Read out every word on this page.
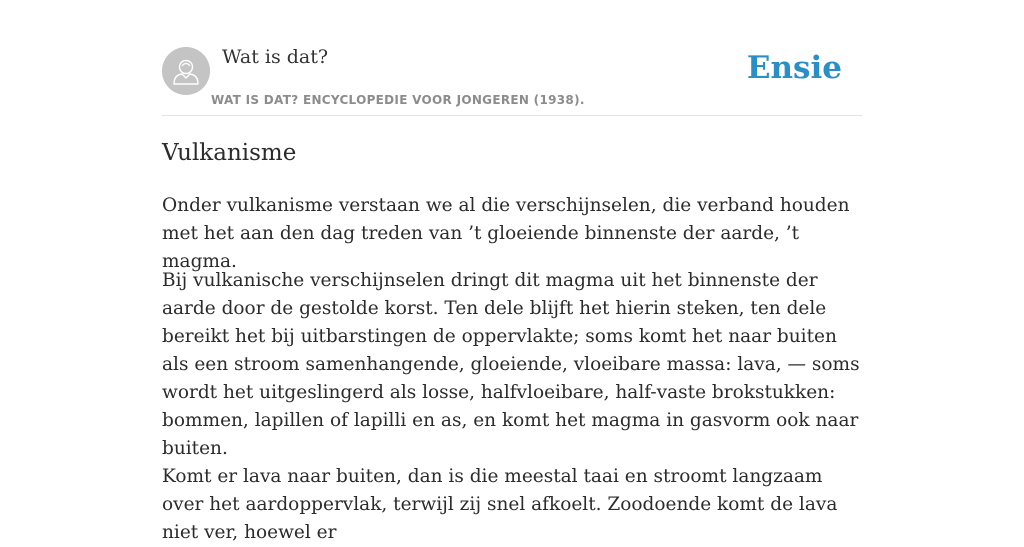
Wat is dat?
WAT IS DAT? ENCYCLOPEDIE VOOR JONGEREN (1938).
Ensie
Vulkanisme

Onder vulkanisme verstaan we al die verschijnselen, die verband houden met het aan den dag treden van ’t gloeiende binnenste der aarde, ’t magma.

Bij vulkanische verschijnselen dringt dit magma uit het binnenste der aarde door de gestolde korst. Ten dele blijft het hierin steken, ten dele bereikt het bij uitbarstingen de oppervlakte; soms komt het naar buiten als een stroom samenhangende, gloeiende, vloeibare massa: lava, — soms wordt het uitgeslingerd als losse, halfvloeibare, half-vaste brokstukken: bommen, lapillen of lapilli en as, en komt het magma in gasvorm ook naar buiten.

Komt er lava naar buiten, dan is die meestal taai en stroomt langzaam over het aardoppervlak, terwijl zij snel afkoelt. Zoodoende komt de lava niet ver, hoewel er
